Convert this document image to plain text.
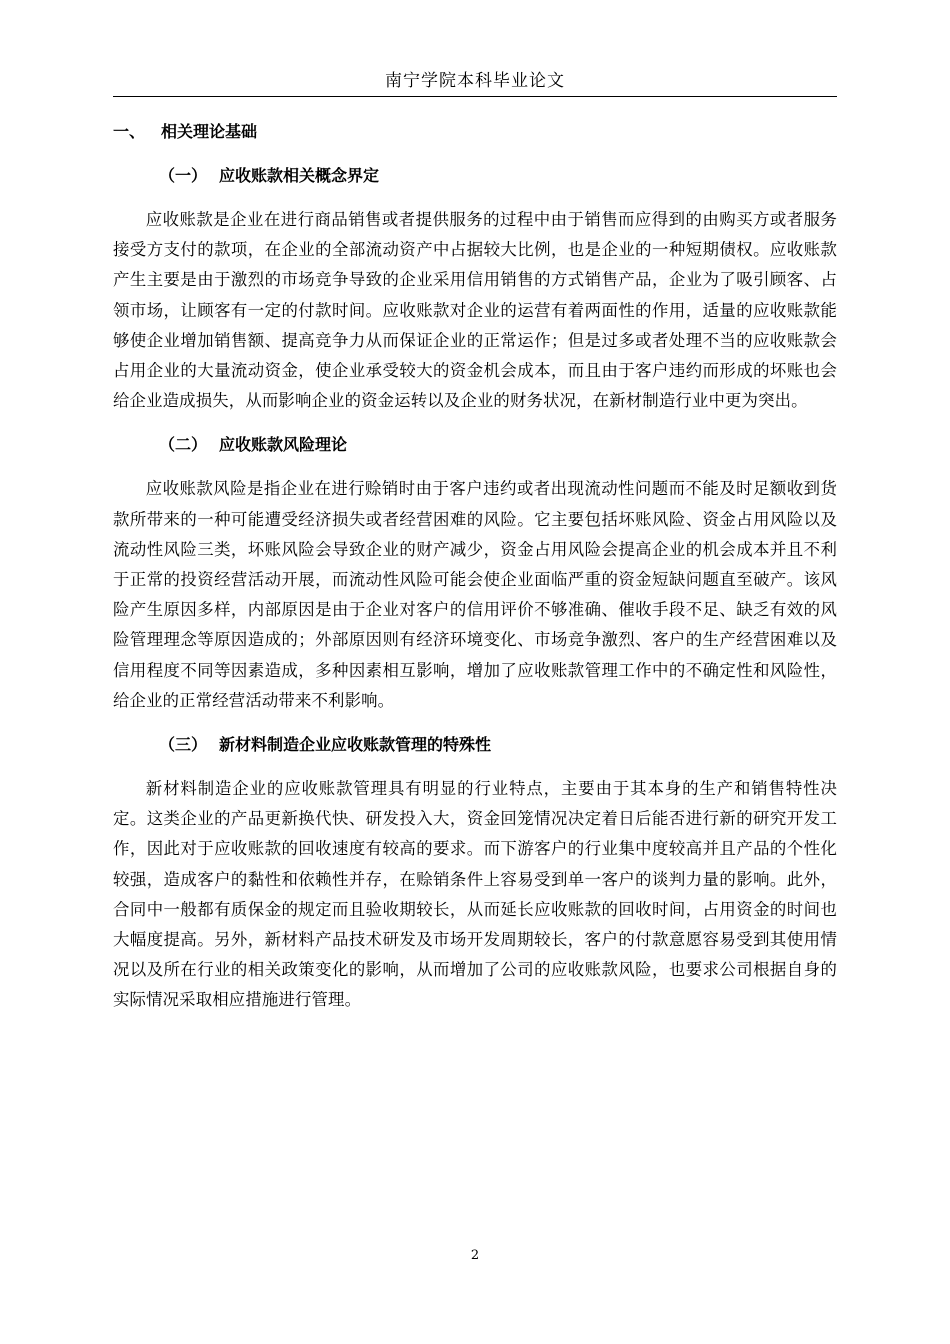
南宁学院本科毕业论文
一、 相关理论基础
（一） 应收账款相关概念界定

应收账款是企业在进行商品销售或者提供服务的过程中由于销售而应得到的由购买方或者服务接受方支付的款项，在企业的全部流动资产中占据较大比例，也是企业的一种短期债权。应收账款产生主要是由于激烈的市场竞争导致的企业采用信用销售的方式销售产品，企业为了吸引顾客、占领市场，让顾客有一定的付款时间。应收账款对企业的运营有着两面性的作用，适量的应收账款能够使企业增加销售额、提高竞争力从而保证企业的正常运作；但是过多或者处理不当的应收账款会占用企业的大量流动资金，使企业承受较大的资金机会成本，而且由于客户违约而形成的坏账也会给企业造成损失，从而影响企业的资金运转以及企业的财务状况，在新材制造行业中更为突出。

（二） 应收账款风险理论

应收账款风险是指企业在进行赊销时由于客户违约或者出现流动性问题而不能及时足额收到货款所带来的一种可能遭受经济损失或者经营困难的风险。它主要包括坏账风险、资金占用风险以及流动性风险三类，坏账风险会导致企业的财产减少，资金占用风险会提高企业的机会成本并且不利于正常的投资经营活动开展，而流动性风险可能会使企业面临严重的资金短缺问题直至破产。该风险产生原因多样，内部原因是由于企业对客户的信用评价不够准确、催收手段不足、缺乏有效的风险管理理念等原因造成的；外部原因则有经济环境变化、市场竞争激烈、客户的生产经营困难以及信用程度不同等因素造成，多种因素相互影响，增加了应收账款管理工作中的不确定性和风险性，给企业的正常经营活动带来不利影响。

（三） 新材料制造企业应收账款管理的特殊性

新材料制造企业的应收账款管理具有明显的行业特点，主要由于其本身的生产和销售特性决定。这类企业的产品更新换代快、研发投入大，资金回笼情况决定着日后能否进行新的研究开发工作，因此对于应收账款的回收速度有较高的要求。而下游客户的行业集中度较高并且产品的个性化较强，造成客户的黏性和依赖性并存，在赊销条件上容易受到单一客户的谈判力量的影响。此外，合同中一般都有质保金的规定而且验收期较长，从而延长应收账款的回收时间，占用资金的时间也大幅度提高。另外，新材料产品技术研发及市场开发周期较长，客户的付款意愿容易受到其使用情况以及所在行业的相关政策变化的影响，从而增加了公司的应收账款风险，也要求公司根据自身的实际情况采取相应措施进行管理。

2
